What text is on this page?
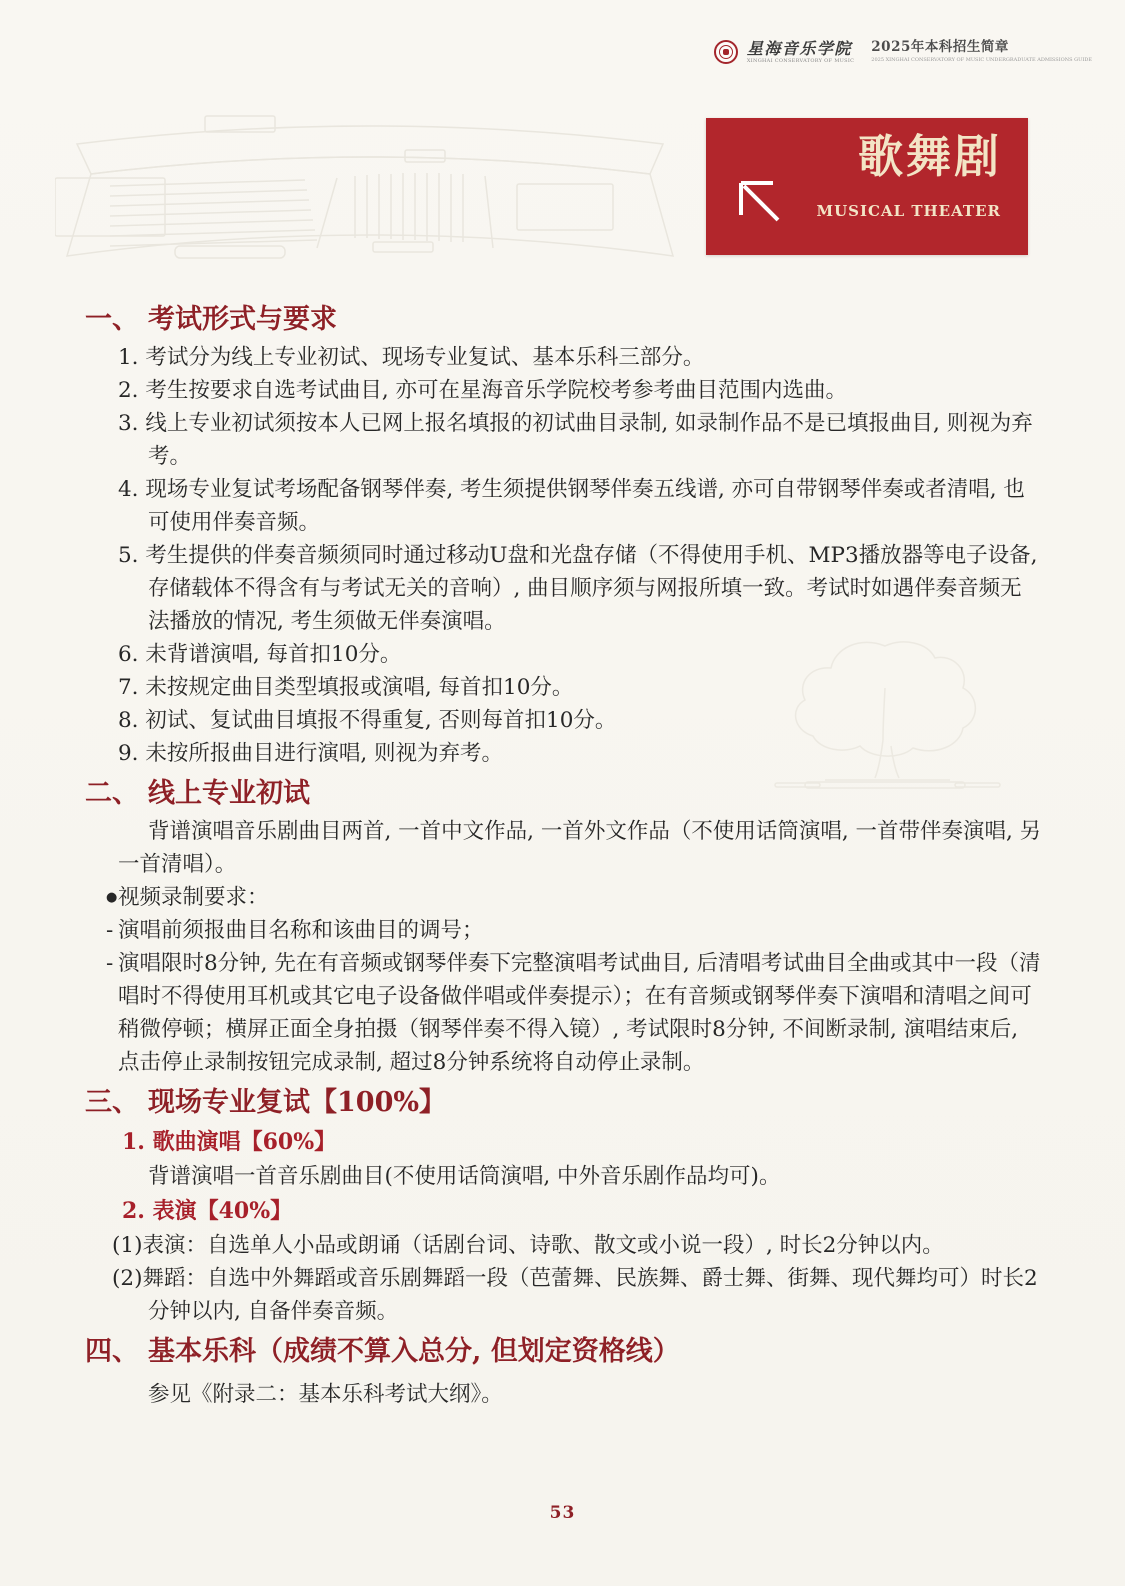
星海音乐学院
XINGHAI CONSERVATORY OF MUSIC
2025年本科招生简章
2025 XINGHAI CONSERVATORY OF MUSIC UNDERGRADUATE ADMISSIONS GUIDE
歌舞剧
MUSICAL THEATER
一、 考试形式与要求
1. 考试分为线上专业初试、现场专业复试、基本乐科三部分。
2. 考生按要求自选考试曲目, 亦可在星海音乐学院校考参考曲目范围内选曲。
3. 线上专业初试须按本人已网上报名填报的初试曲目录制, 如录制作品不是已填报曲目, 则视为弃考。
4. 现场专业复试考场配备钢琴伴奏, 考生须提供钢琴伴奏五线谱, 亦可自带钢琴伴奏或者清唱, 也可使用伴奏音频。
5. 考生提供的伴奏音频须同时通过移动U盘和光盘存储（不得使用手机、MP3播放器等电子设备, 存储载体不得含有与考试无关的音响）, 曲目顺序须与网报所填一致。考试时如遇伴奏音频无法播放的情况, 考生须做无伴奏演唱。
6. 未背谱演唱, 每首扣10分。
7. 未按规定曲目类型填报或演唱, 每首扣10分。
8. 初试、复试曲目填报不得重复, 否则每首扣10分。
9. 未按所报曲目进行演唱, 则视为弃考。
二、 线上专业初试
背谱演唱音乐剧曲目两首, 一首中文作品, 一首外文作品（不使用话筒演唱, 一首带伴奏演唱, 另一首清唱）。
● 视频录制要求：
- 演唱前须报曲目名称和该曲目的调号；
- 演唱限时8分钟, 先在有音频或钢琴伴奏下完整演唱考试曲目, 后清唱考试曲目全曲或其中一段（清唱时不得使用耳机或其它电子设备做伴唱或伴奏提示）；在有音频或钢琴伴奏下演唱和清唱之间可稍微停顿；横屏正面全身拍摄（钢琴伴奏不得入镜）, 考试限时8分钟, 不间断录制, 演唱结束后, 点击停止录制按钮完成录制, 超过8分钟系统将自动停止录制。
三、 现场专业复试【100%】
1. 歌曲演唱【60%】
背谱演唱一首音乐剧曲目(不使用话筒演唱, 中外音乐剧作品均可)。
2. 表演【40%】
(1)表演：自选单人小品或朗诵（话剧台词、诗歌、散文或小说一段）, 时长2分钟以内。
(2)舞蹈：自选中外舞蹈或音乐剧舞蹈一段（芭蕾舞、民族舞、爵士舞、街舞、现代舞均可）时长2分钟以内, 自备伴奏音频。
四、 基本乐科（成绩不算入总分, 但划定资格线）
参见《附录二：基本乐科考试大纲》。
53
